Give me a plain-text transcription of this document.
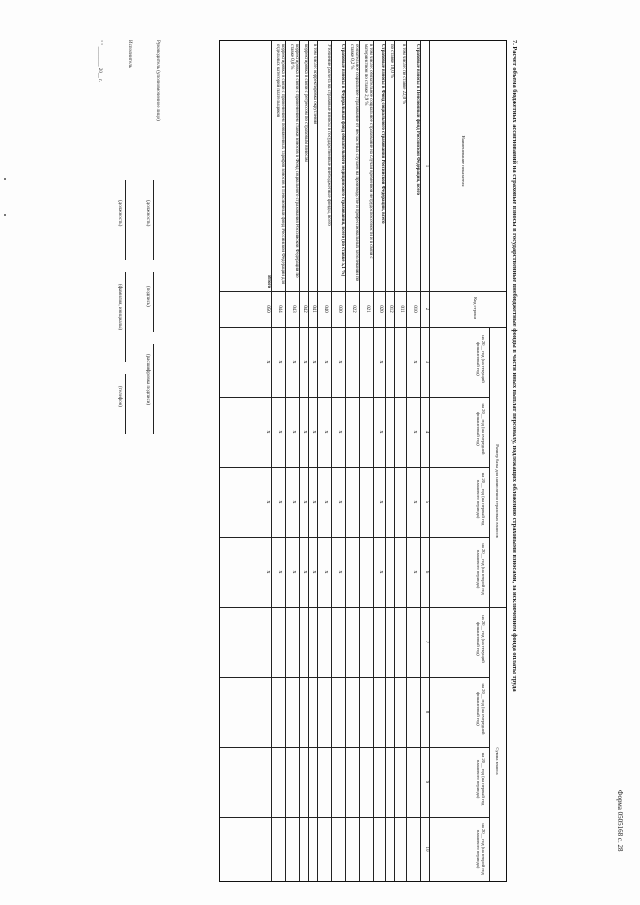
Форма 0505168 с. 28
7. Расчет объема бюджетных ассигнований на страховые взносы в государственные внебюджетные фонды в части иных выплат персоналу, подлежащих обложению страховыми взносами, за исключением фонда оплаты труда
Наименование показателя
Код строки
Размер базы для начисления страховых взносов
Сумма взноса
на 20__ год (на текущий финансовый год)
на 20__ год (на очередной финансовый год)
на 20__ год (на первый год планового периода)
на 20__ год (на второй год планового периода)
на 20__ год (на текущий финансовый год)
на 20__ год (на очередной финансовый год)
на 20__ год (на первый год планового периода)
на 20__ год (на второй год планового периода)
1
2
3
4
5
6
7
8
9
10
Страховые взносы в Пенсионный фонд Российской Федерации, всего
010
x
x
x
x
в том числе: по ставке 22,0 %
011
по ставке 10,0 %
012
Страховые взносы в Фонд социального страхования Российской Федерации, всего
020
x
x
x
x
в том числе: обязательное социальное страхование на случай временной нетрудоспособности и в связи с материнством по ставке 2,9 %
021
обязательное социальное страхование от несчастных случаев на производстве и профессиональных заболеваний по ставке 0,2 %
022
Страховые взносы в Федеральный фонд обязательного медицинского страхования, всего (по ставке 5,1 %)
030
x
x
x
x
Уточнение расчета на страховые взносы в государственные внебюджетные фонды, всего
040
x
x
x
x
в том числе: корректировка округления
041
x
x
x
x
корректировка в связи с регрессом по страховым взносам
042
x
x
x
x
корректировка в связи с применением ставки взносов в Фонд социального страхования Российской Федерации по ставке 0,0 %
043
x
x
x
x
корректировка в связи с применением пониженных тарифов взносов в Пенсионный фонд Российской Федерации для отдельных категорий плательщиков
044
x
x
x
x
Итого
050
x
x
x
x
Руководитель (уполномоченное лицо)
(должность)
(подпись)
(расшифровка подписи)
Исполнитель
(должность)
(фамилия, инициалы)
(телефон)
" " ________ 20__ г.
